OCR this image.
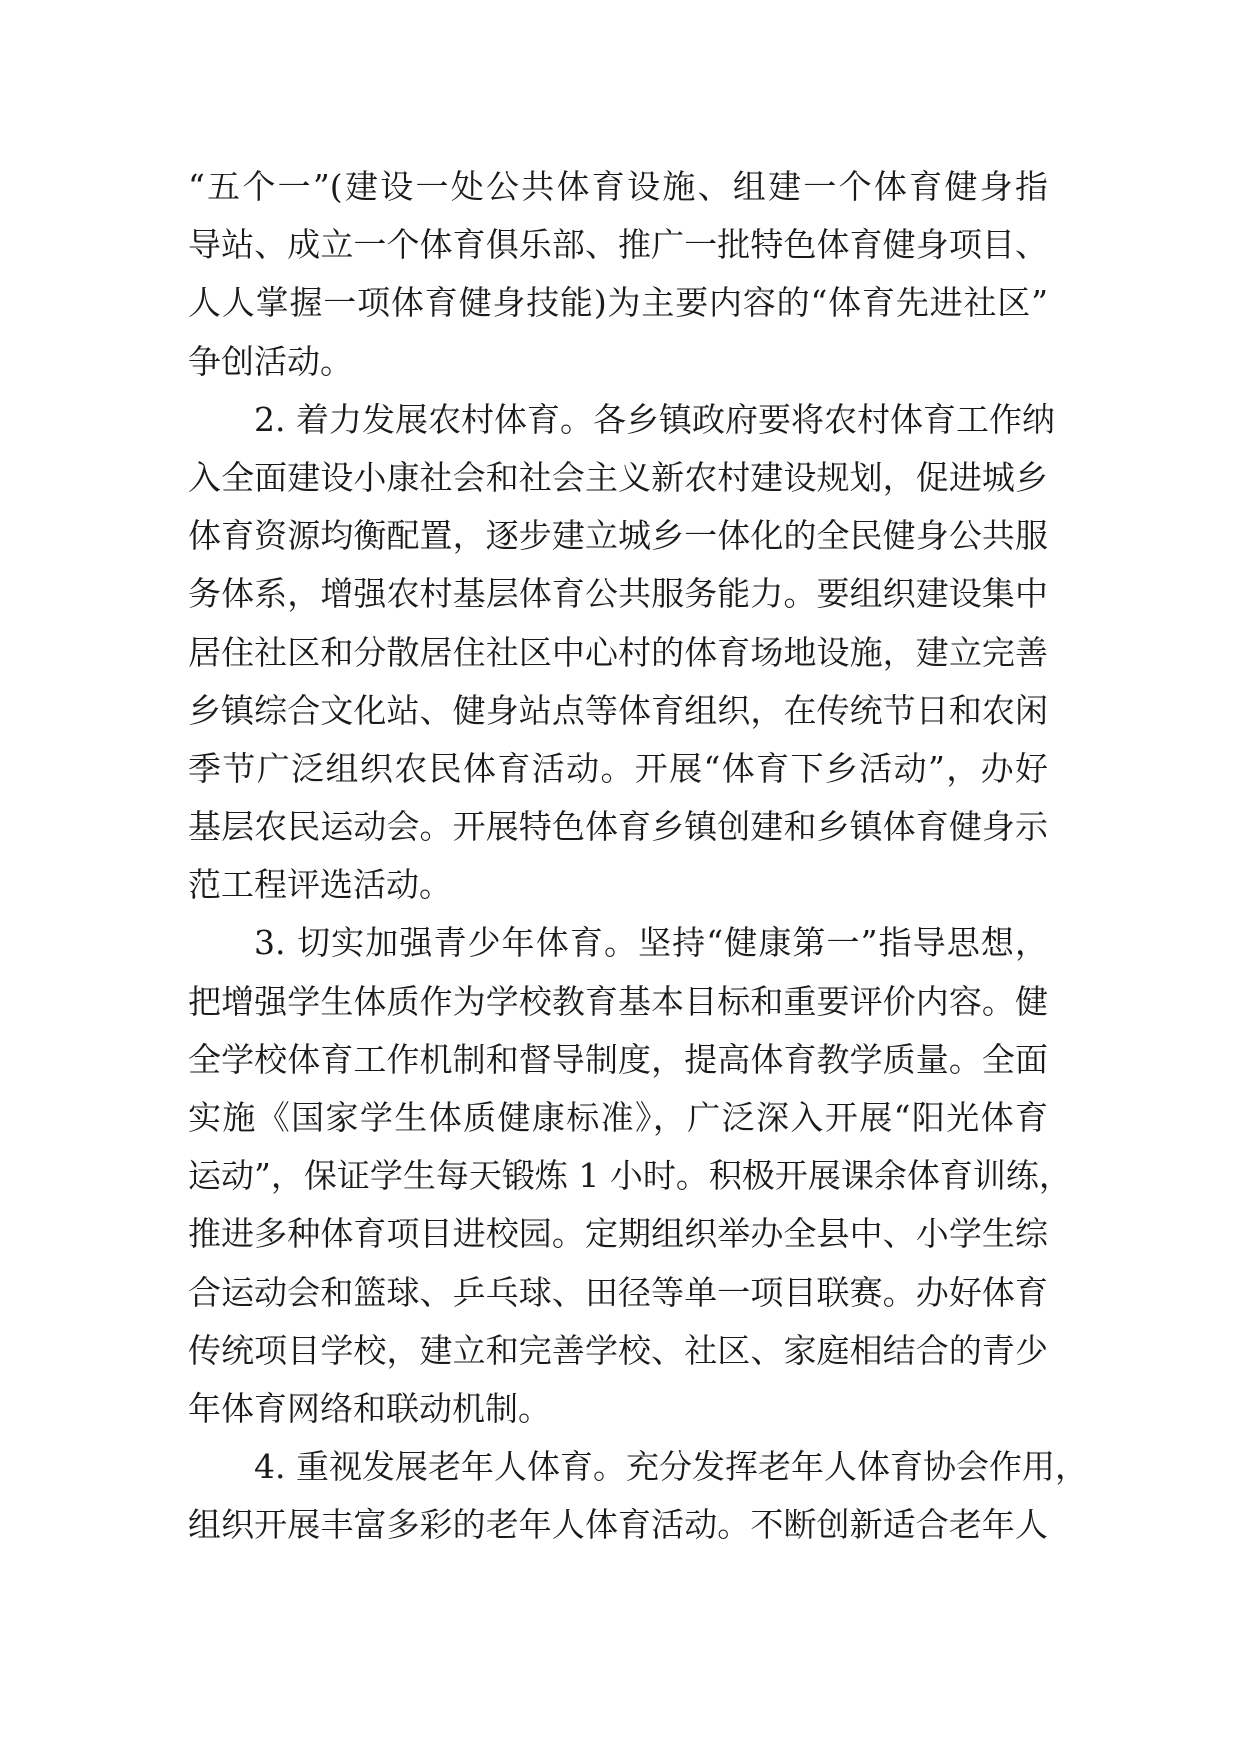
“五个一”(建设一处公共体育设施、组建一个体育健身指
导站、成立一个体育俱乐部、推广一批特色体育健身项目、
人人掌握一项体育健身技能)为主要内容的“体育先进社区”
争创活动。
2. 着力发展农村体育。各乡镇政府要将农村体育工作纳
入全面建设小康社会和社会主义新农村建设规划，促进城乡
体育资源均衡配置，逐步建立城乡一体化的全民健身公共服
务体系，增强农村基层体育公共服务能力。要组织建设集中
居住社区和分散居住社区中心村的体育场地设施，建立完善
乡镇综合文化站、健身站点等体育组织，在传统节日和农闲
季节广泛组织农民体育活动。开展“体育下乡活动”，办好
基层农民运动会。开展特色体育乡镇创建和乡镇体育健身示
范工程评选活动。
3. 切实加强青少年体育。坚持“健康第一”指导思想，
把增强学生体质作为学校教育基本目标和重要评价内容。健
全学校体育工作机制和督导制度，提高体育教学质量。全面
实施《国家学生体质健康标准》，广泛深入开展“阳光体育
运动”，保证学生每天锻炼 1 小时。积极开展课余体育训练，
推进多种体育项目进校园。定期组织举办全县中、小学生综
合运动会和篮球、乒乓球、田径等单一项目联赛。办好体育
传统项目学校，建立和完善学校、社区、家庭相结合的青少
年体育网络和联动机制。
4. 重视发展老年人体育。充分发挥老年人体育协会作用，
组织开展丰富多彩的老年人体育活动。不断创新适合老年人
